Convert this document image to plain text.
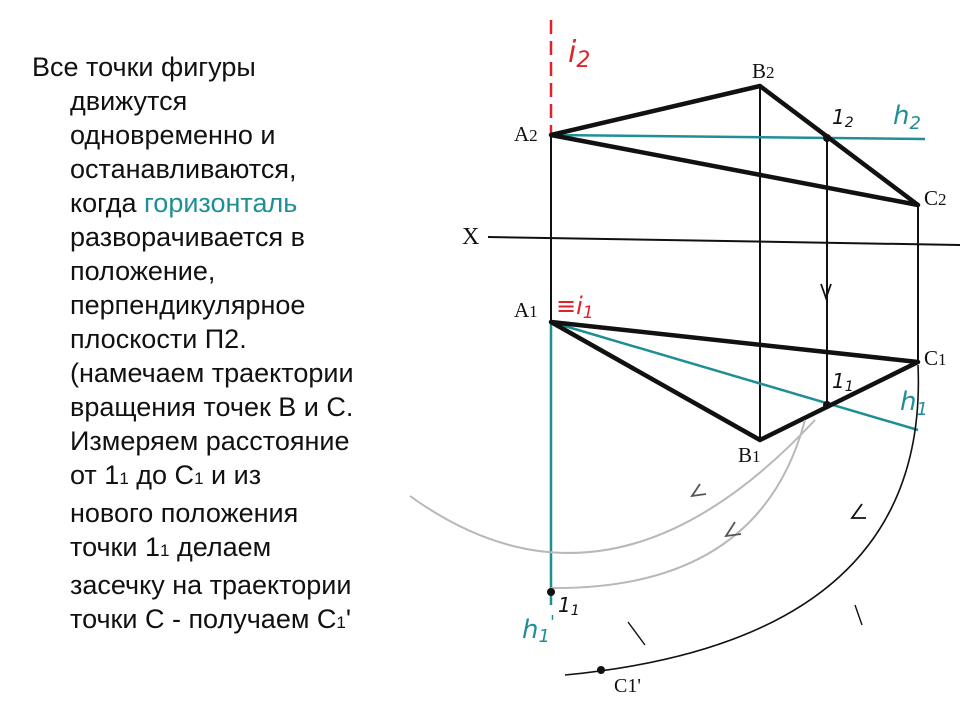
Все точки фигуры
движутся
одновременно и
останавливаются,
когда горизонталь
разворачивается в
положение,
перпендикулярное
плоскости П2.
(намечаем траектории
вращения точек В и С.
Измеряем расстояние
от 11 до С1 и из
нового положения
точки 11 делаем
засечку на траектории
точки С - получаем С1'
i2	B2
A2
12 h2
C2
X
A1 ≡i1
C1
11 h1
B1
11
h1'
C1'
